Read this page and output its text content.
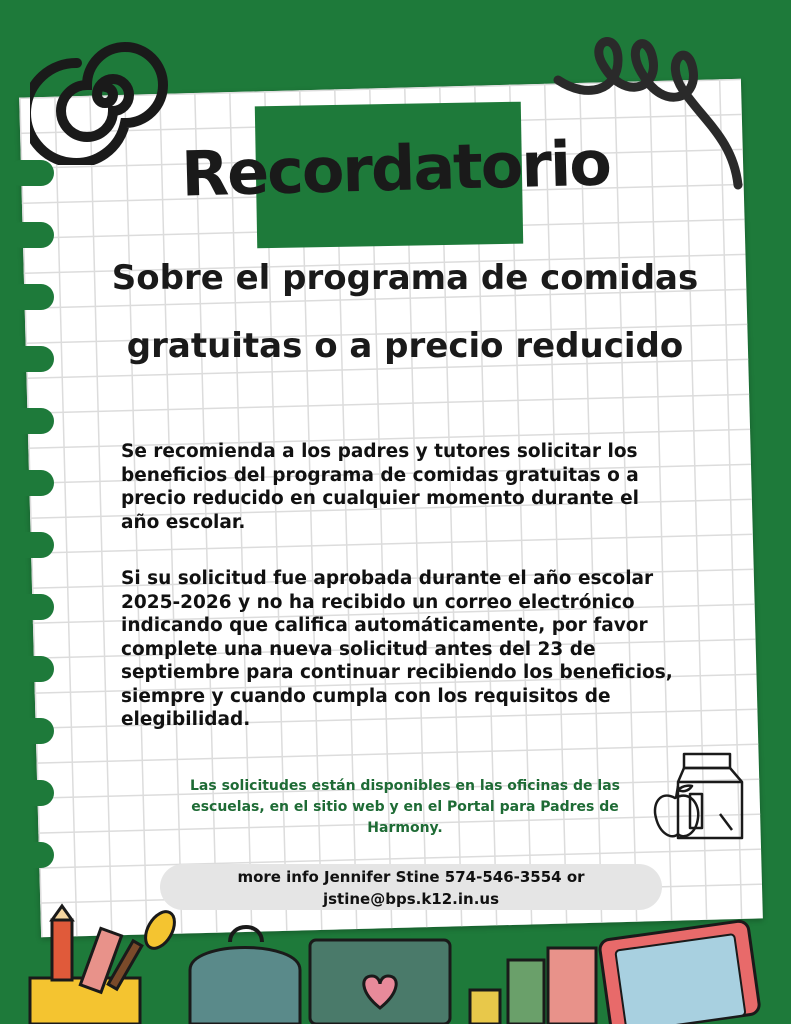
Recordatorio
Sobre el programa de comidas gratuitas o a precio reducido
Se recomienda a los padres y tutores solicitar los beneficios del programa de comidas gratuitas o a precio reducido en cualquier momento durante el año escolar.
Si su solicitud fue aprobada durante el año escolar 2025-2026 y no ha recibido un correo electrónico indicando que califica automáticamente, por favor complete una nueva solicitud antes del 23 de septiembre para continuar recibiendo los beneficios, siempre y cuando cumpla con los requisitos de elegibilidad.
Las solicitudes están disponibles en las oficinas de las escuelas, en el sitio web y en el Portal para Padres de Harmony.
more info Jennifer Stine 574-546-3554 or jstine@bps.k12.in.us
